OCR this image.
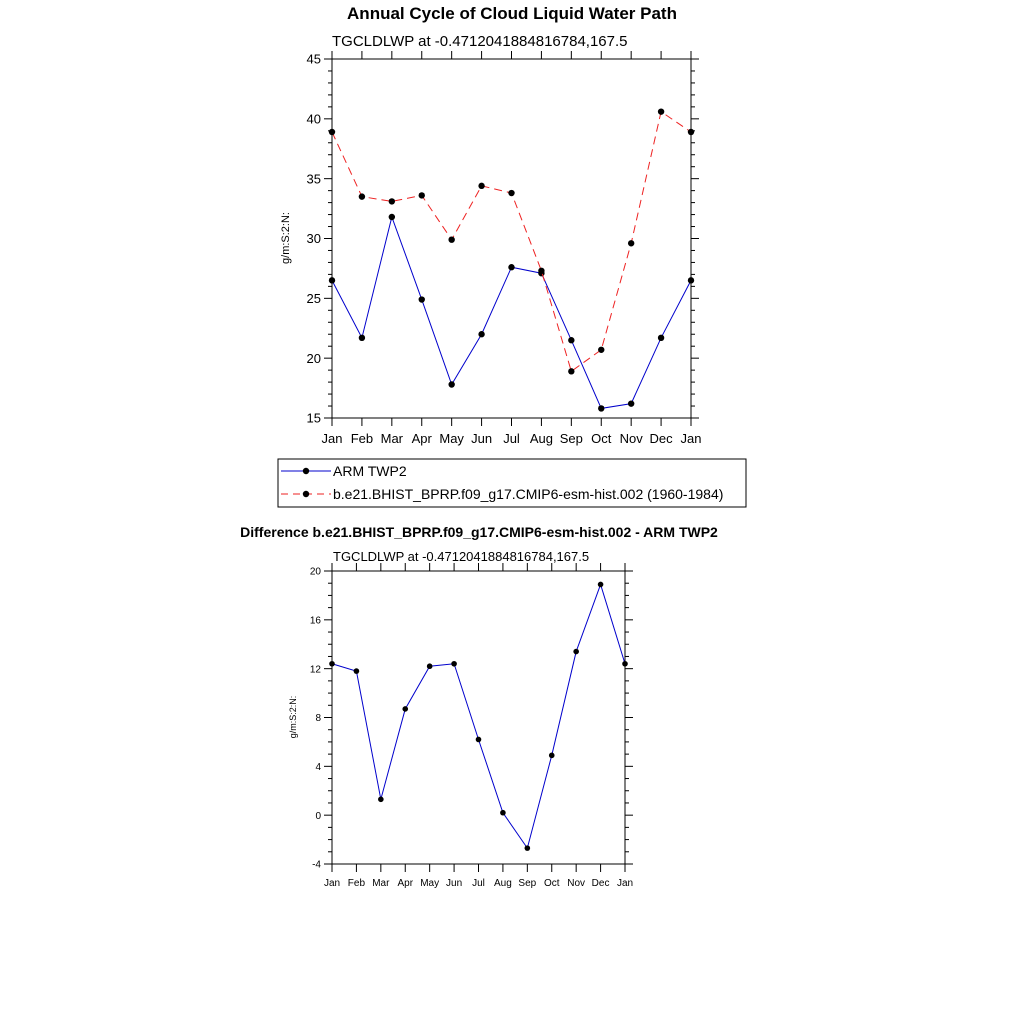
Annual Cycle of Cloud Liquid Water Path
TGCLDLWP at -0.4712041884816784,167.5
g/m:S:2:N:
15
20
25
30
35
40
45
Jan Feb Mar Apr May Jun Jul Aug Sep Oct Nov Dec Jan
ARM TWP2
b.e21.BHIST_BPRP.f09_g17.CMIP6-esm-hist.002 (1960-1984)
Difference b.e21.BHIST_BPRP.f09_g17.CMIP6-esm-hist.002 - ARM TWP2
TGCLDLWP at -0.4712041884816784,167.5
g/m:S:2:N:
-4
0
4
8
12
16
20
Jan Feb Mar Apr May Jun Jul Aug Sep Oct Nov Dec Jan
